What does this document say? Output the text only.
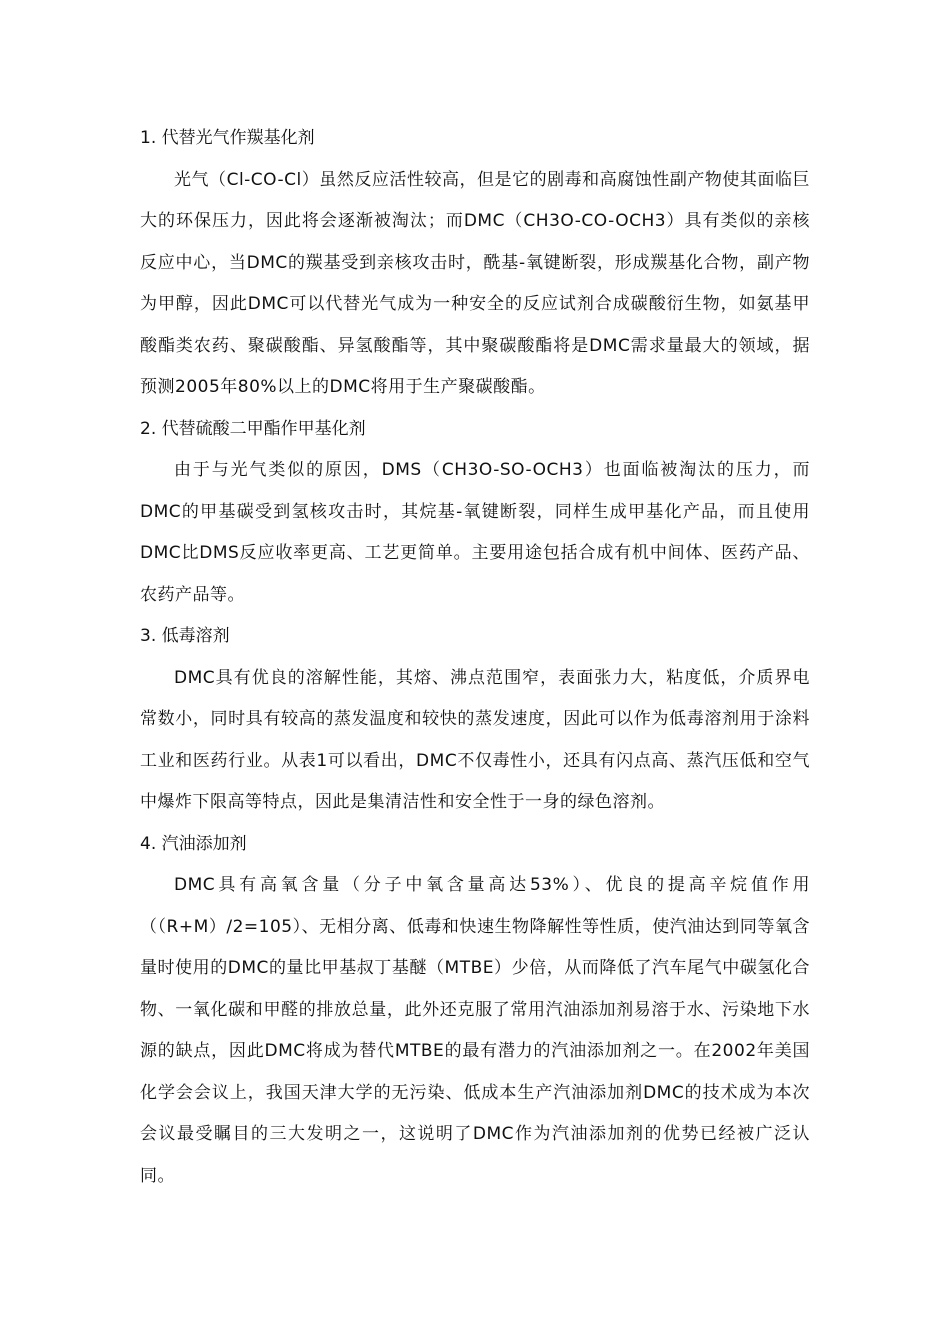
1. 代替光气作羰基化剂
光气（Cl-CO-Cl）虽然反应活性较高，但是它的剧毒和高腐蚀性副产物使其面临巨大的环保压力，因此将会逐渐被淘汰；而DMC（CH3O-CO-OCH3）具有类似的亲核反应中心，当DMC的羰基受到亲核攻击时，酰基-氧键断裂，形成羰基化合物，副产物为甲醇，因此DMC可以代替光气成为一种安全的反应试剂合成碳酸衍生物，如氨基甲酸酯类农药、聚碳酸酯、异氢酸酯等，其中聚碳酸酯将是DMC需求量最大的领域，据预测2005年80%以上的DMC将用于生产聚碳酸酯。
2. 代替硫酸二甲酯作甲基化剂
由于与光气类似的原因，DMS（CH3O-SO-OCH3）也面临被淘汰的压力，而DMC的甲基碳受到氢核攻击时，其烷基-氧键断裂，同样生成甲基化产品，而且使用DMC比DMS反应收率更高、工艺更简单。主要用途包括合成有机中间体、医药产品、农药产品等。
3. 低毒溶剂
DMC具有优良的溶解性能，其熔、沸点范围窄，表面张力大，粘度低，介质界电常数小，同时具有较高的蒸发温度和较快的蒸发速度，因此可以作为低毒溶剂用于涂料工业和医药行业。从表1可以看出，DMC不仅毒性小，还具有闪点高、蒸汽压低和空气中爆炸下限高等特点，因此是集清洁性和安全性于一身的绿色溶剂。
4. 汽油添加剂
DMC具有高氧含量（分子中氧含量高达53%）、优良的提高辛烷值作用（（R+M）/2=105）、无相分离、低毒和快速生物降解性等性质，使汽油达到同等氧含量时使用的DMC的量比甲基叔丁基醚（MTBE）少倍，从而降低了汽车尾气中碳氢化合物、一氧化碳和甲醛的排放总量，此外还克服了常用汽油添加剂易溶于水、污染地下水源的缺点，因此DMC将成为替代MTBE的最有潜力的汽油添加剂之一。在2002年美国化学会会议上，我国天津大学的无污染、低成本生产汽油添加剂DMC的技术成为本次会议最受瞩目的三大发明之一，这说明了DMC作为汽油添加剂的优势已经被广泛认同。
